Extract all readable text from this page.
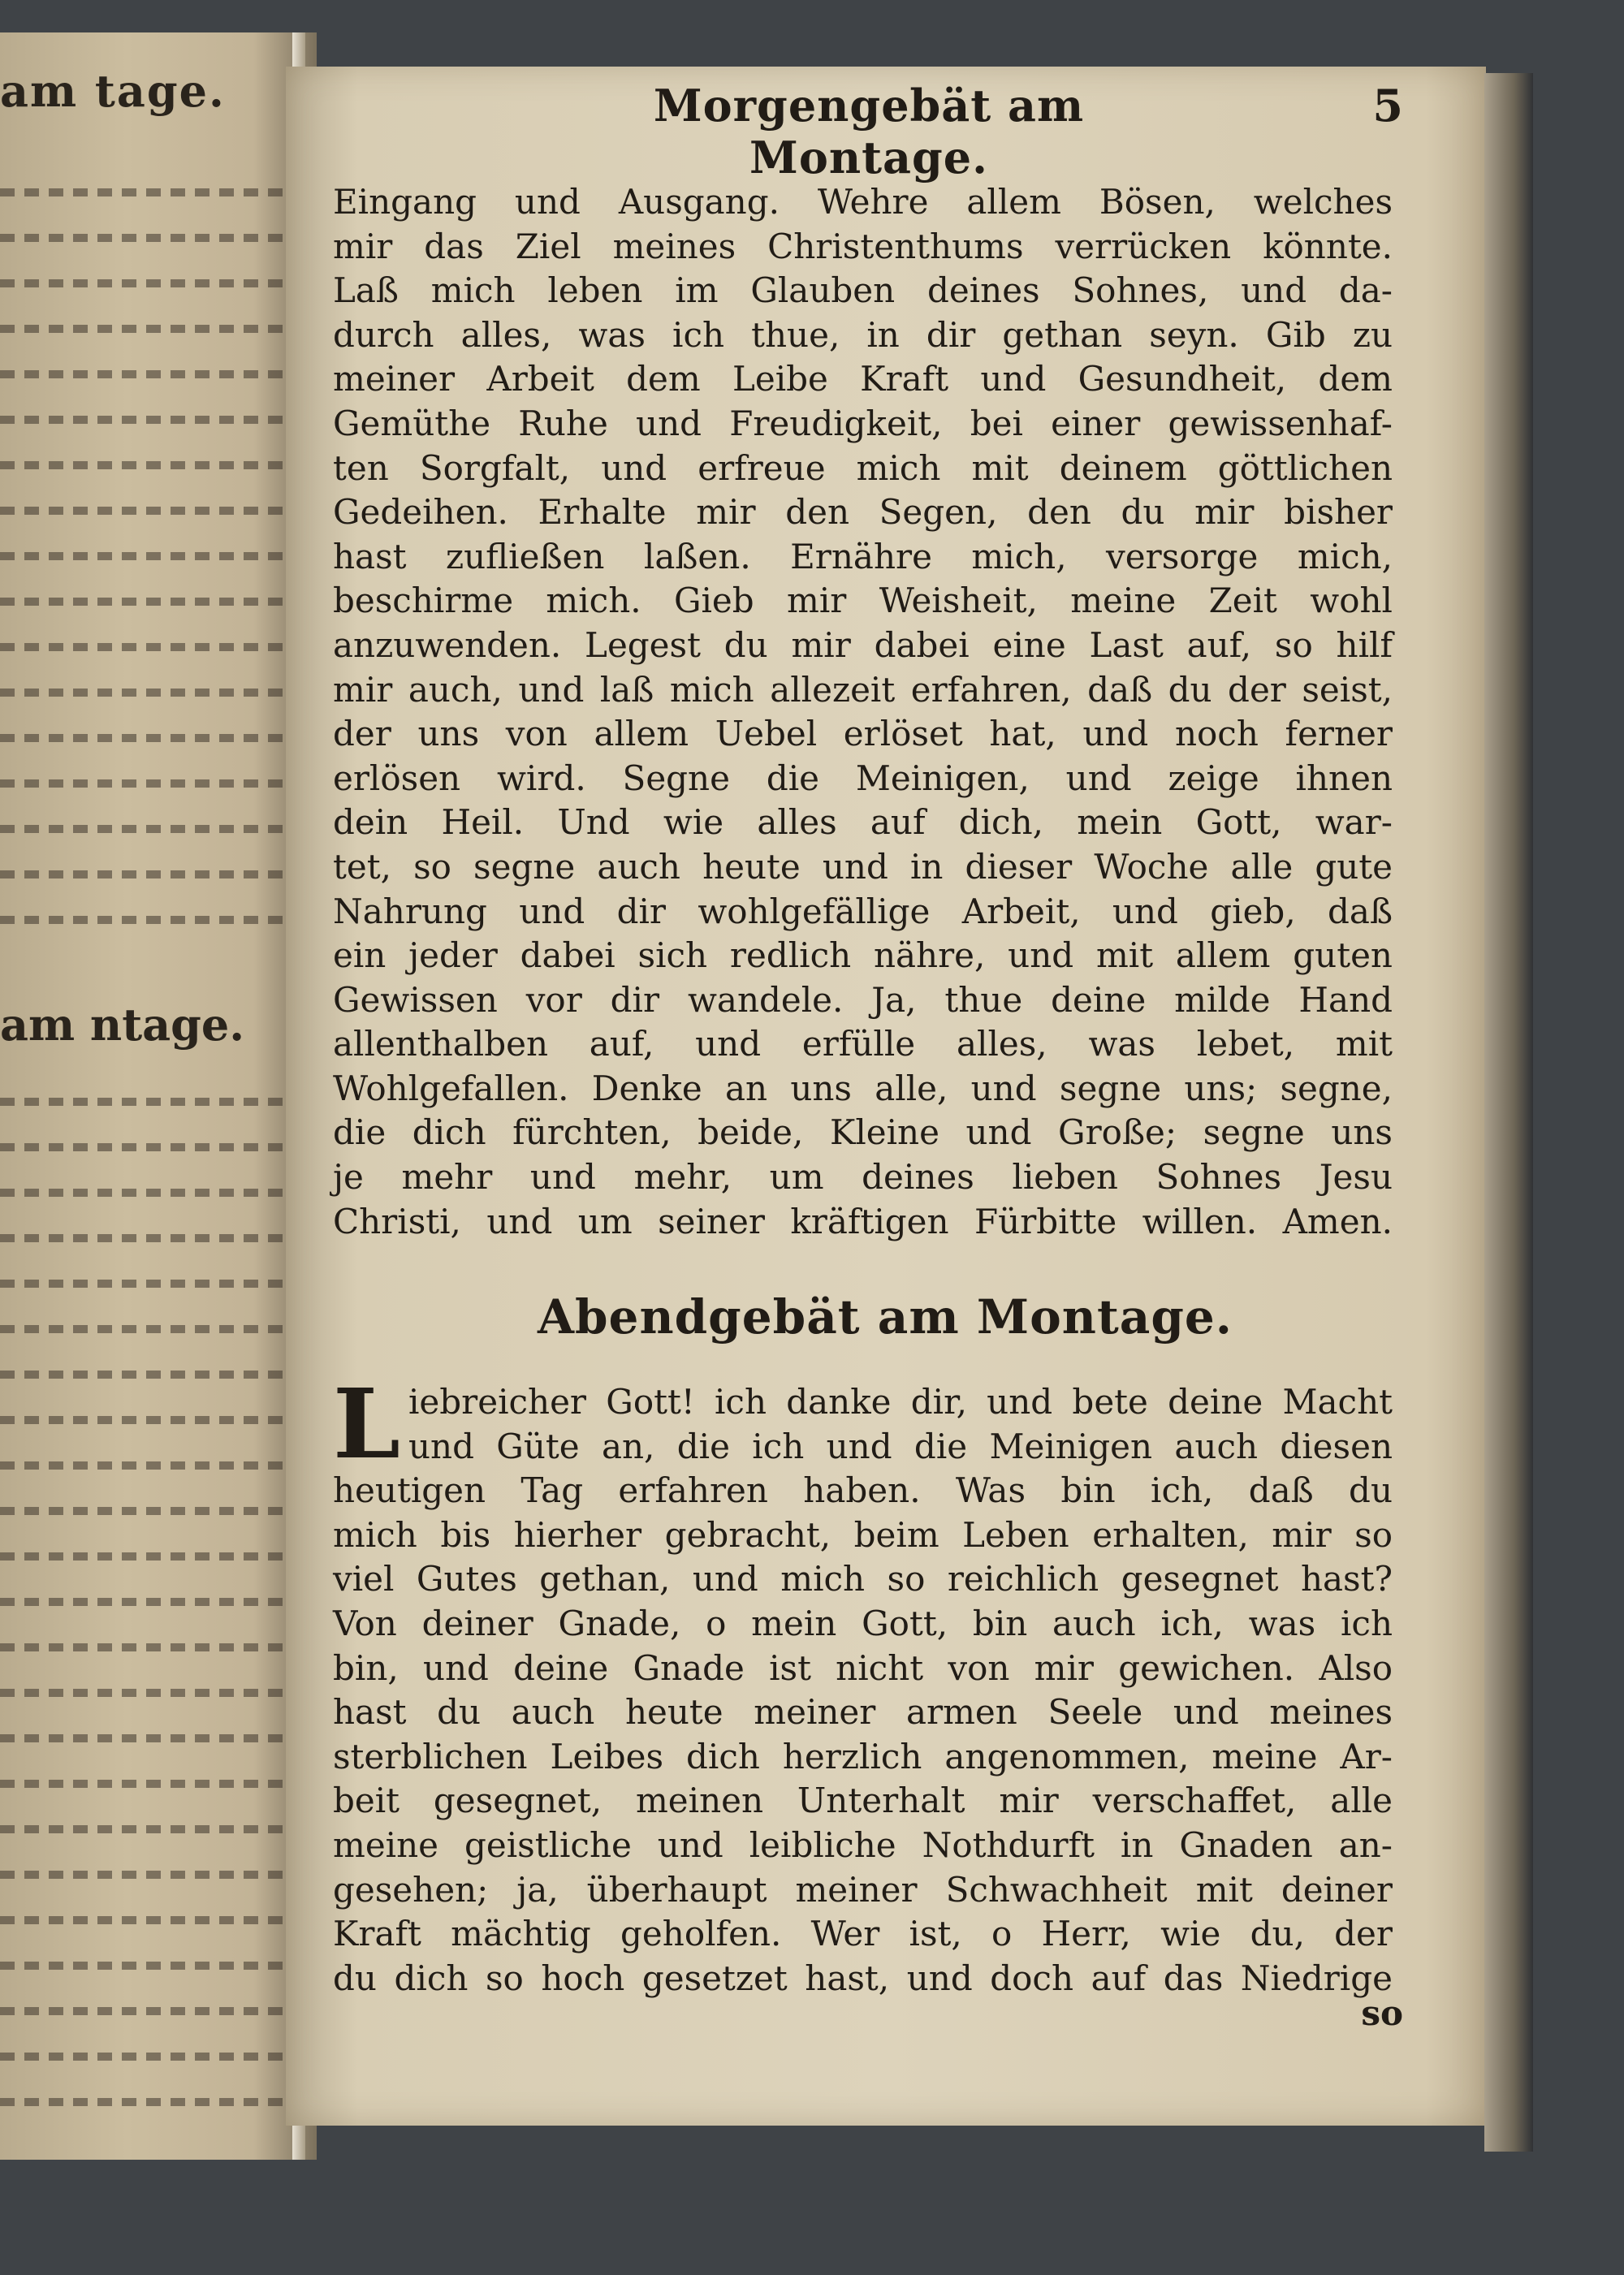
am tage.
am ntage.
Morgengebät am Montage.
5
Eingang und Ausgang. Wehre allem Bösen, welches
mir das Ziel meines Christenthums verrücken könnte.
Laß mich leben im Glauben deines Sohnes, und da-
durch alles, was ich thue, in dir gethan seyn. Gib zu
meiner Arbeit dem Leibe Kraft und Gesundheit, dem
Gemüthe Ruhe und Freudigkeit, bei einer gewissenhaf-
ten Sorgfalt, und erfreue mich mit deinem göttlichen
Gedeihen. Erhalte mir den Segen, den du mir bisher
hast zufließen laßen. Ernähre mich, versorge mich,
beschirme mich. Gieb mir Weisheit, meine Zeit wohl
anzuwenden. Legest du mir dabei eine Last auf, so hilf
mir auch, und laß mich allezeit erfahren, daß du der seist,
der uns von allem Uebel erlöset hat, und noch ferner
erlösen wird. Segne die Meinigen, und zeige ihnen
dein Heil. Und wie alles auf dich, mein Gott, war-
tet, so segne auch heute und in dieser Woche alle gute
Nahrung und dir wohlgefällige Arbeit, und gieb, daß
ein jeder dabei sich redlich nähre, und mit allem guten
Gewissen vor dir wandele. Ja, thue deine milde Hand
allenthalben auf, und erfülle alles, was lebet, mit
Wohlgefallen. Denke an uns alle, und segne uns; segne,
die dich fürchten, beide, Kleine und Große; segne uns
je mehr und mehr, um deines lieben Sohnes Jesu
Christi, und um seiner kräftigen Fürbitte willen. Amen.
Abendgebät am Montage.
L iebreicher Gott! ich danke dir, und bete deine Macht
und Güte an, die ich und die Meinigen auch diesen
heutigen Tag erfahren haben. Was bin ich, daß du
mich bis hierher gebracht, beim Leben erhalten, mir so
viel Gutes gethan, und mich so reichlich gesegnet hast?
Von deiner Gnade, o mein Gott, bin auch ich, was ich
bin, und deine Gnade ist nicht von mir gewichen. Also
hast du auch heute meiner armen Seele und meines
sterblichen Leibes dich herzlich angenommen, meine Ar-
beit gesegnet, meinen Unterhalt mir verschaffet, alle
meine geistliche und leibliche Nothdurft in Gnaden an-
gesehen; ja, überhaupt meiner Schwachheit mit deiner
Kraft mächtig geholfen. Wer ist, o Herr, wie du, der
du dich so hoch gesetzet hast, und doch auf das Niedrige
so
